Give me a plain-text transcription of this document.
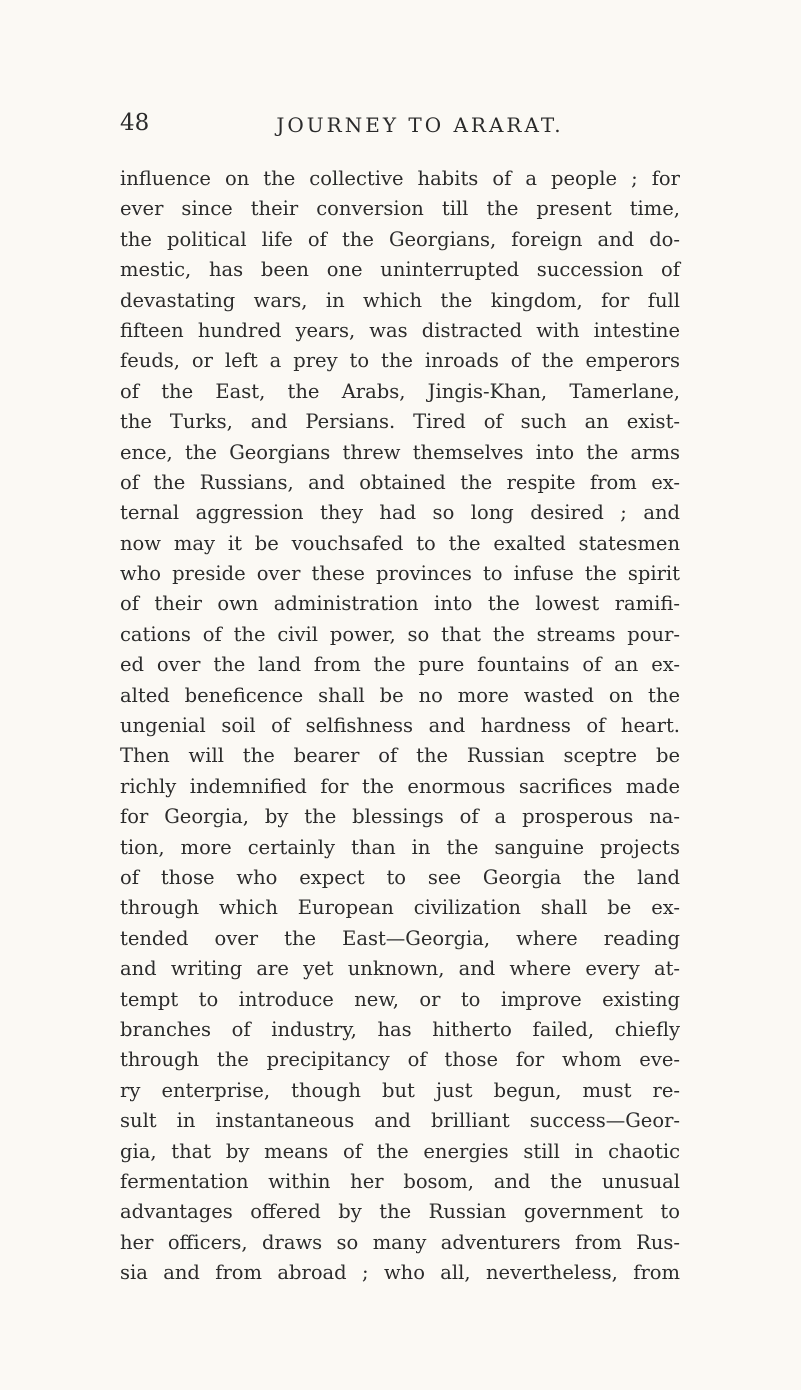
48	JOURNEY TO ARARAT.
influence on the collective habits of a people ; for
ever since their conversion till the present time,
the political life of the Georgians, foreign and do-
mestic, has been one uninterrupted succession of
devastating wars, in which the kingdom, for full
fifteen hundred years, was distracted with intestine
feuds, or left a prey to the inroads of the emperors
of the East, the Arabs, Jingis-Khan, Tamerlane,
the Turks, and Persians. Tired of such an exist-
ence, the Georgians threw themselves into the arms
of the Russians, and obtained the respite from ex-
ternal aggression they had so long desired ; and
now may it be vouchsafed to the exalted statesmen
who preside over these provinces to infuse the spirit
of their own administration into the lowest ramifi-
cations of the civil power, so that the streams pour-
ed over the land from the pure fountains of an ex-
alted beneficence shall be no more wasted on the
ungenial soil of selfishness and hardness of heart.
Then will the bearer of the Russian sceptre be
richly indemnified for the enormous sacrifices made
for Georgia, by the blessings of a prosperous na-
tion, more certainly than in the sanguine projects
of those who expect to see Georgia the land
through which European civilization shall be ex-
tended over the East—Georgia, where reading
and writing are yet unknown, and where every at-
tempt to introduce new, or to improve existing
branches of industry, has hitherto failed, chiefly
through the precipitancy of those for whom eve-
ry enterprise, though but just begun, must re-
sult in instantaneous and brilliant success—Geor-
gia, that by means of the energies still in chaotic
fermentation within her bosom, and the unusual
advantages offered by the Russian government to
her officers, draws so many adventurers from Rus-
sia and from abroad ; who all, nevertheless, from
